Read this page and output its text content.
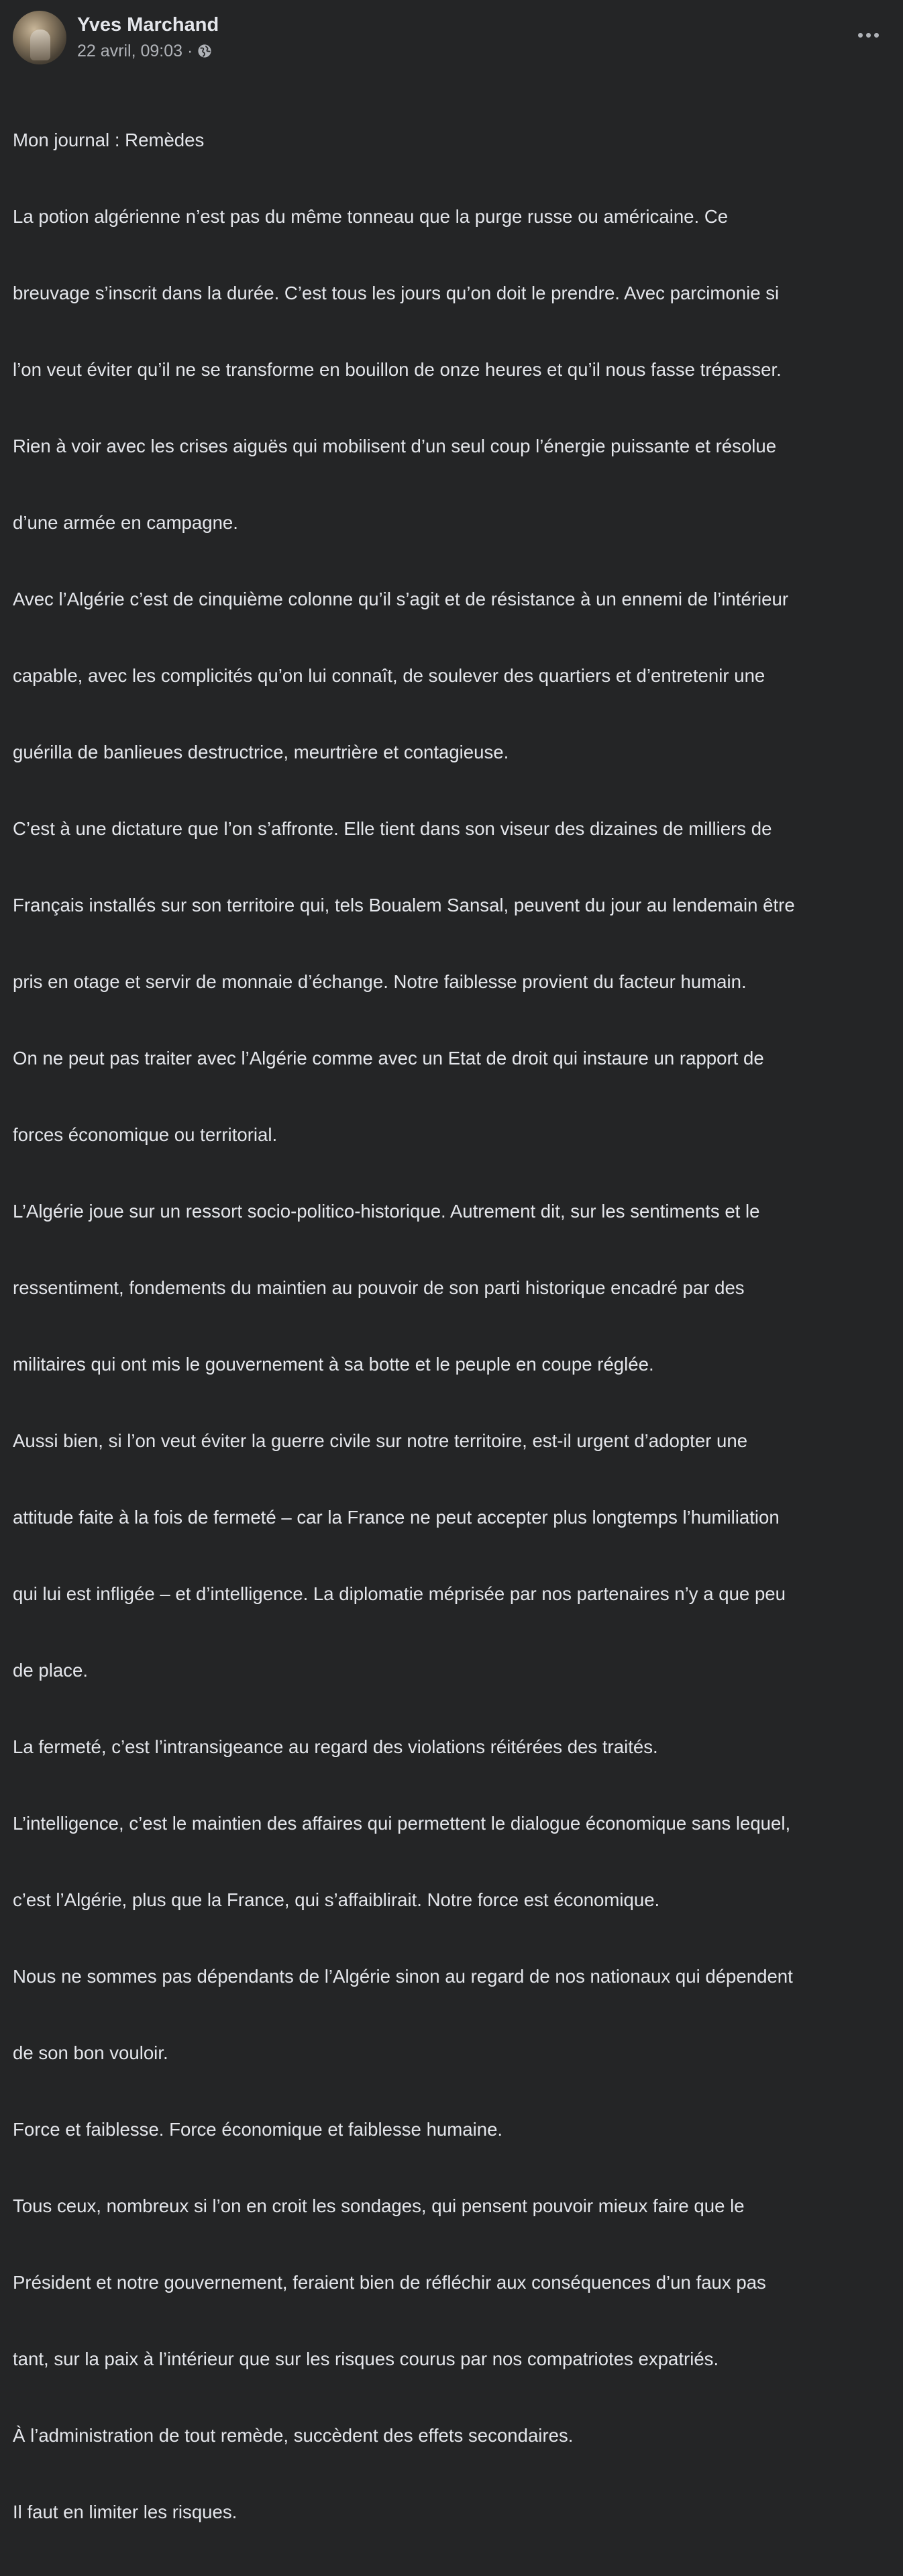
Yves Marchand
22 avril, 09:03 ·

Mon journal : Remèdes

La potion algérienne n’est pas du même tonneau que la purge russe ou américaine. Ce

breuvage s’inscrit dans la durée. C’est tous les jours qu’on doit le prendre. Avec parcimonie si

l’on veut éviter qu’il ne se transforme en bouillon de onze heures et qu’il nous fasse trépasser.

Rien à voir avec les crises aiguës qui mobilisent d’un seul coup l’énergie puissante et résolue

d’une armée en campagne.

Avec l’Algérie c’est de cinquième colonne qu’il s’agit et de résistance à un ennemi de l’intérieur

capable, avec les complicités qu’on lui connaît, de soulever des quartiers et d’entretenir une

guérilla de banlieues destructrice, meurtrière et contagieuse.

C’est à une dictature que l’on s’affronte. Elle tient dans son viseur des dizaines de milliers de

Français installés sur son territoire qui, tels Boualem Sansal, peuvent du jour au lendemain être

pris en otage et servir de monnaie d’échange. Notre faiblesse provient du facteur humain.

On ne peut pas traiter avec l’Algérie comme avec un Etat de droit qui instaure un rapport de

forces économique ou territorial.

L’Algérie joue sur un ressort socio-politico-historique. Autrement dit, sur les sentiments et le

ressentiment, fondements du maintien au pouvoir de son parti historique encadré par des

militaires qui ont mis le gouvernement à sa botte et le peuple en coupe réglée.

Aussi bien, si l’on veut éviter la guerre civile sur notre territoire, est-il urgent d’adopter une

attitude faite à la fois de fermeté – car la France ne peut accepter plus longtemps l’humiliation

qui lui est infligée – et d’intelligence. La diplomatie méprisée par nos partenaires n’y a que peu

de place.

La fermeté, c’est l’intransigeance au regard des violations réitérées des traités.

L’intelligence, c’est le maintien des affaires qui permettent le dialogue économique sans lequel,

c’est l’Algérie, plus que la France, qui s’affaiblirait. Notre force est économique.

Nous ne sommes pas dépendants de l’Algérie sinon au regard de nos nationaux qui dépendent

de son bon vouloir.

Force et faiblesse. Force économique et faiblesse humaine.

Tous ceux, nombreux si l’on en croit les sondages, qui pensent pouvoir mieux faire que le

Président et notre gouvernement, feraient bien de réfléchir aux conséquences d’un faux pas

tant, sur la paix à l’intérieur que sur les risques courus par nos compatriotes expatriés.

À l’administration de tout remède, succèdent des effets secondaires.

Il faut en limiter les risques.
